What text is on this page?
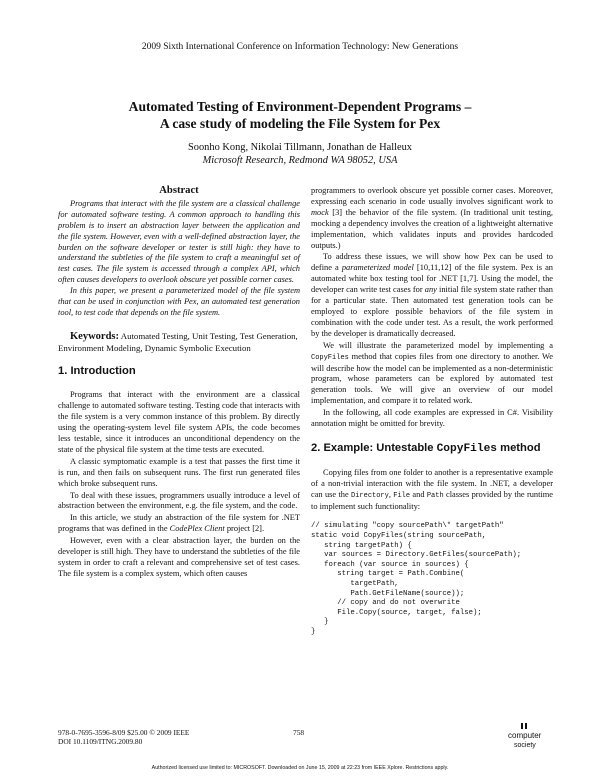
2009 Sixth International Conference on Information Technology: New Generations
Automated Testing of Environment-Dependent Programs –
A case study of modeling the File System for Pex
Soonho Kong, Nikolai Tillmann, Jonathan de Halleux
Microsoft Research, Redmond WA 98052, USA
Abstract

Programs that interact with the file system are a classical challenge for automated software testing. A common approach to handling this problem is to insert an abstraction layer between the application and the file system. However, even with a well-defined abstraction layer, the burden on the software developer or tester is still high: they have to understand the subtleties of the file system to craft a meaningful set of test cases. The file system is accessed through a complex API, which often causes developers to overlook obscure yet possible corner cases.

In this paper, we present a parameterized model of the file system that can be used in conjunction with Pex, an automated test generation tool, to test code that depends on the file system.

Keywords: Automated Testing, Unit Testing, Test Generation, Environment Modeling, Dynamic Symbolic Execution

1. Introduction

Programs that interact with the environment are a classical challenge to automated software testing. Testing code that interacts with the file system is a very common instance of this problem. By directly using the operating-system level file system APIs, the code becomes less testable, since it introduces an unconditional dependency on the state of the physical file system at the time tests are executed.

A classic symptomatic example is a test that passes the first time it is run, and then fails on subsequent runs. The first run generated files which broke subsequent runs.

To deal with these issues, programmers usually introduce a level of abstraction between the environment, e.g. the file system, and the code.

In this article, we study an abstraction of the file system for .NET programs that was defined in the CodePlex Client project [2].

However, even with a clear abstraction layer, the burden on the developer is still high. They have to understand the subtleties of the file system in order to craft a relevant and comprehensive set of test cases. The file system is a complex system, which often causes

programmers to overlook obscure yet possible corner cases. Moreover, expressing each scenario in code usually involves significant work to mock [3] the behavior of the file system. (In traditional unit testing, mocking a dependency involves the creation of a lightweight alternative implementation, which validates inputs and provides hardcoded outputs.)

To address these issues, we will show how Pex can be used to define a parameterized model [10,11,12] of the file system. Pex is an automated white box testing tool for .NET [1,7]. Using the model, the developer can write test cases for any initial file system state rather than for a particular state. Then automated test generation tools can be employed to explore possible behaviors of the file system in combination with the code under test. As a result, the work performed by the developer is dramatically decreased.

We will illustrate the parameterized model by implementing a CopyFiles method that copies files from one directory to another. We will describe how the model can be implemented as a non-deterministic program, whose parameters can be explored by automated test generation tools. We will give an overview of our model implementation, and compare it to related work.

In the following, all code examples are expressed in C#. Visibility annotation might be omitted for brevity.

2. Example: Untestable CopyFiles method

Copying files from one folder to another is a representative example of a non-trivial interaction with the file system. In .NET, a developer can use the Directory, File and Path classes provided by the runtime to implement such functionality:

// simulating "copy sourcePath\* targetPath"
static void CopyFiles(string sourcePath,
string targetPath) {
var sources = Directory.GetFiles(sourcePath);
foreach (var source in sources) {
string target = Path.Combine(
targetPath,
Path.GetFileName(source));
// copy and do not overwrite
File.Copy(source, target, false);
}
}
978-0-7695-3596-8/09 $25.00 © 2009 IEEE
DOI 10.1109/ITNG.2009.80
758	computer
society
Authorized licensed use limited to: MICROSOFT. Downloaded on June 15, 2009 at 22:23 from IEEE Xplore. Restrictions apply.
